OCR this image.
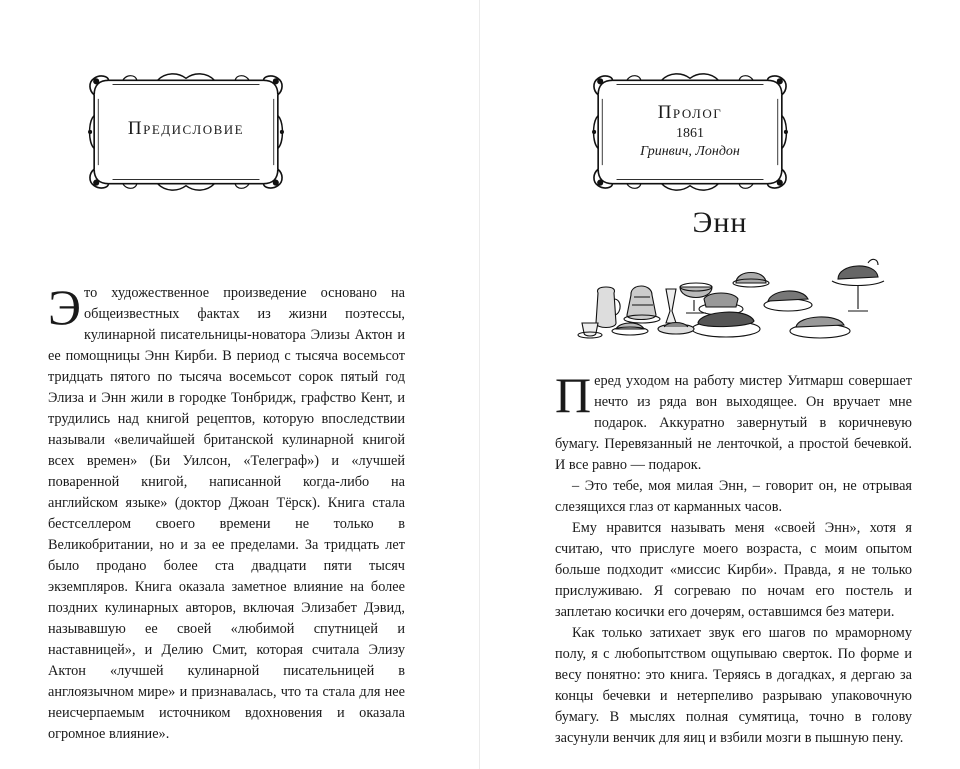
Предисловие

Это художественное произведение основано на общеизвестных фактах из жизни поэтессы, кулинарной писательницы-новатора Элизы Актон и ее помощницы Энн Кирби. В период с тысяча восемьсот тридцать пятого по тысяча восемьсот сорок пятый год Элиза и Энн жили в городке Тонбридж, графство Кент, и трудились над книгой рецептов, которую впоследствии называли «величайшей британской кулинарной книгой всех времен» (Би Уилсон, «Телеграф») и «лучшей поваренной книгой, написанной когда-либо на английском языке» (доктор Джоан Тёрск). Книга стала бестселлером своего времени не только в Великобритании, но и за ее пределами. За тридцать лет было продано более ста двадцати пяти тысяч экземпляров. Книга оказала заметное влияние на более поздних кулинарных авторов, включая Элизабет Дэвид, называвшую ее своей «любимой спутницей и наставницей», и Делию Смит, которая считала Элизу Актон «лучшей кулинарной писательницей в англоязычном мире» и признавалась, что та стала для нее неисчерпаемым источником вдохновения и оказала огромное влияние».

Пролог
1861
Гринвич, Лондон
Энн

Перед уходом на работу мистер Уитмарш совершает нечто из ряда вон выходящее. Он вручает мне подарок. Аккуратно завернутый в коричневую бумагу. Перевязанный не ленточкой, а простой бечевкой. И все равно — подарок.

– Это тебе, моя милая Энн, – говорит он, не отрывая слезящихся глаз от карманных часов.

Ему нравится называть меня «своей Энн», хотя я считаю, что прислуге моего возраста, с моим опытом больше подходит «миссис Кирби». Правда, я не только прислуживаю. Я согреваю по ночам его постель и заплетаю косички его дочерям, оставшимся без матери.

Как только затихает звук его шагов по мраморному полу, я с любопытством ощупываю сверток. По форме и весу понятно: это книга. Теряясь в догадках, я дергаю за концы бечевки и нетерпеливо разрываю упаковочную бумагу. В мыслях полная сумятица, точно в голову засунули венчик для яиц и взбили мозги в пышную пену.
